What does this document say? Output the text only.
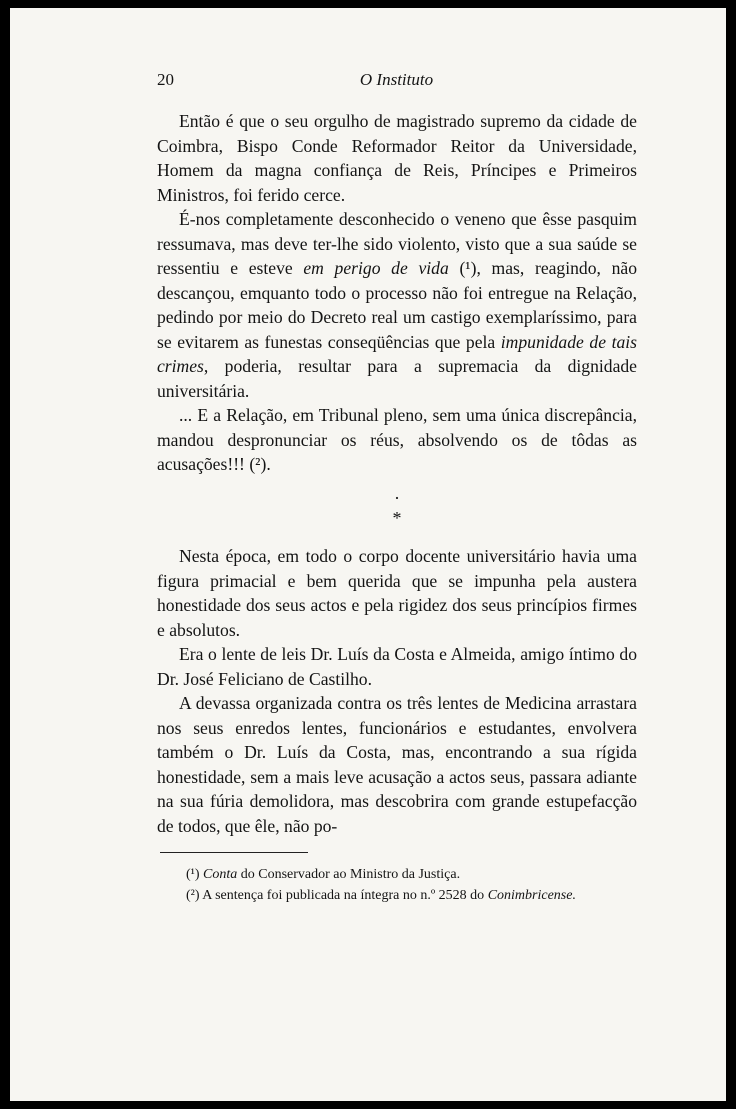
20	O Instituto

Então é que o seu orgulho de magistrado supremo da cidade de Coimbra, Bispo Conde Reformador Reitor da Universidade, Homem da magna confiança de Reis, Príncipes e Primeiros Ministros, foi ferido cerce.

É-nos completamente desconhecido o veneno que êsse pasquim ressumava, mas deve ter-lhe sido violento, visto que a sua saúde se ressentiu e esteve em perigo de vida (¹), mas, reagindo, não descançou, emquanto todo o processo não foi entregue na Relação, pedindo por meio do Decreto real um castigo exemplaríssimo, para se evitarem as funestas conseqüências que pela impunidade de tais crimes, poderia, resultar para a supremacia da dignidade universitária.

... E a Relação, em Tribunal pleno, sem uma única discrepância, mandou despronunciar os réus, absolvendo os de tôdas as acusações!!! (²).

·
*

Nesta época, em todo o corpo docente universitário havia uma figura primacial e bem querida que se impunha pela austera honestidade dos seus actos e pela rigidez dos seus princípios firmes e absolutos.

Era o lente de leis Dr. Luís da Costa e Almeida, amigo íntimo do Dr. José Feliciano de Castilho.

A devassa organizada contra os três lentes de Medicina arrastara nos seus enredos lentes, funcionários e estudantes, envolvera também o Dr. Luís da Costa, mas, encontrando a sua rígida honestidade, sem a mais leve acusação a actos seus, passara adiante na sua fúria demolidora, mas descobrira com grande estupefacção de todos, que êle, não po-

(¹) Conta do Conservador ao Ministro da Justiça.

(²) A sentença foi publicada na íntegra no n.º 2528 do Conimbricense.
